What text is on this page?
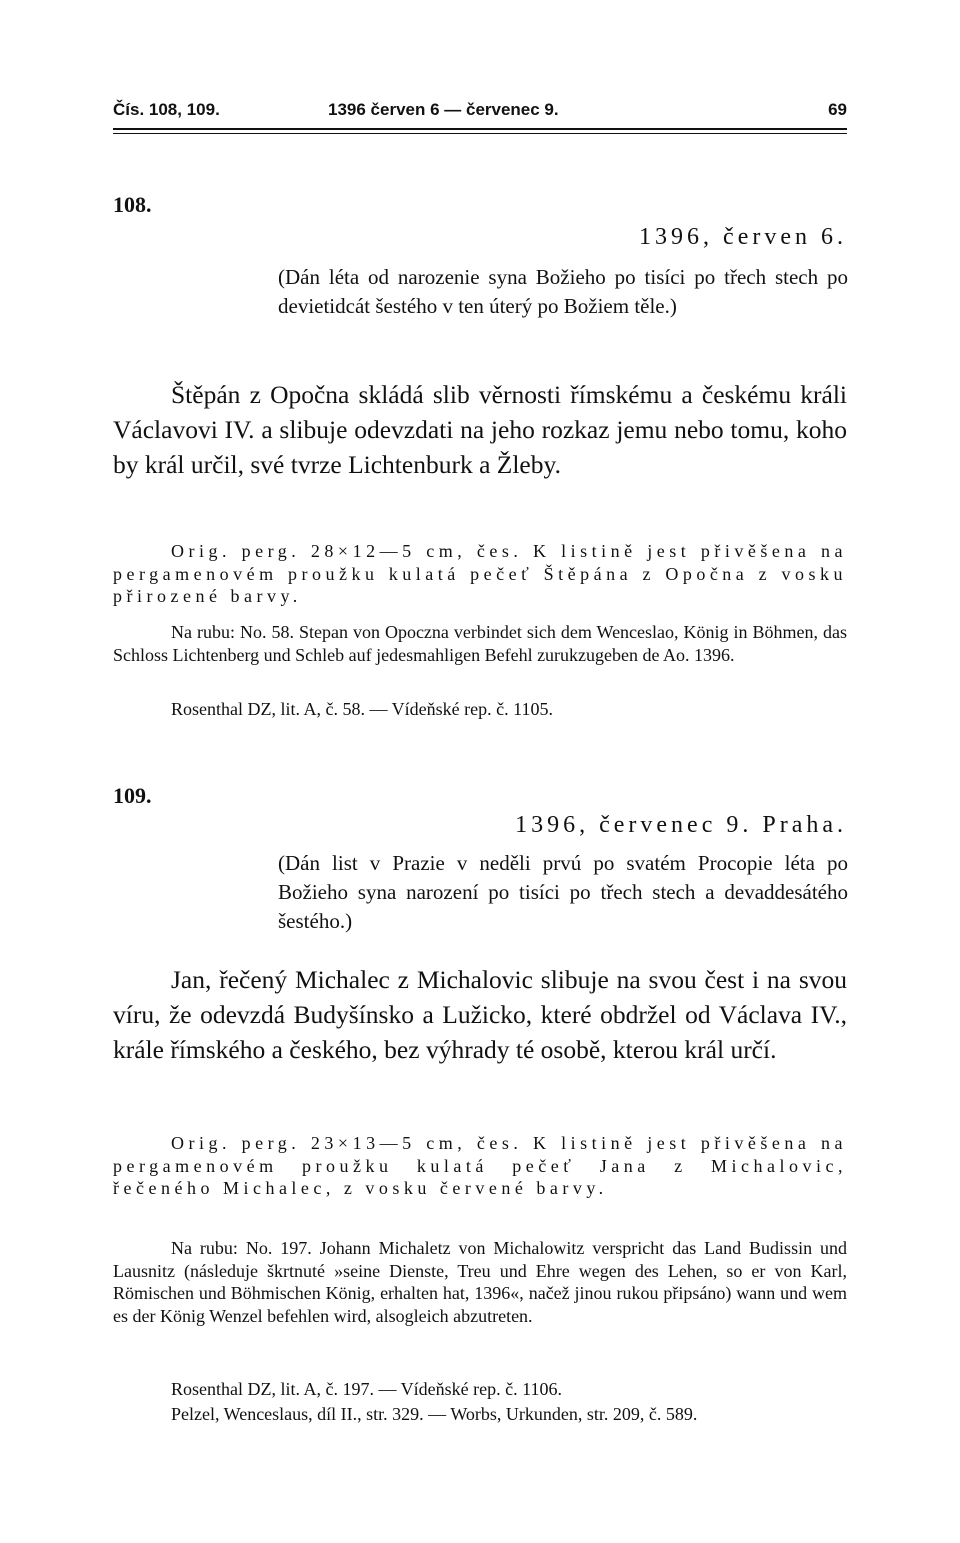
Čís. 108, 109.	1396 červen 6 — červenec 9.	69
108.
1396, červen 6.
(Dán léta od narozenie syna Božieho po tisíci po třech stech po devietidcát šestého v ten úterý po Božiem těle.)
Štěpán z Opočna skládá slib věrnosti římskému a českému králi Václavovi IV. a slibuje odevzdati na jeho rozkaz jemu nebo tomu, koho by král určil, své tvrze Lichtenburk a Žleby.
Orig. perg. 28×12—5 cm, čes. K listině jest přivěšena na pergamenovém proužku kulatá pečeť Štěpána z Opočna z vosku přirozené barvy.
Na rubu: No. 58. Stepan von Opoczna verbindet sich dem Wenceslao, König in Böhmen, das Schloss Lichtenberg und Schleb auf jedesmahligen Befehl zurukzugeben de Ao. 1396.
Rosenthal DZ, lit. A, č. 58. — Vídeňské rep. č. 1105.
109.
1396, červenec 9. Praha.
(Dán list v Prazie v neděli prvú po svatém Procopie léta po Božieho syna narození po tisíci po třech stech a devaddesátého šestého.)
Jan, řečený Michalec z Michalovic slibuje na svou čest i na svou víru, že odevzdá Budyšínsko a Lužicko, které obdržel od Václava IV., krále římského a českého, bez výhrady té osobě, kterou král určí.
Orig. perg. 23×13—5 cm, čes. K listině jest přivěšena na pergamenovém proužku kulatá pečeť Jana z Michalovic, řečeného Michalec, z vosku červené barvy.
Na rubu: No. 197. Johann Michaletz von Michalowitz verspricht das Land Budissin und Lausnitz (následuje škrtnuté »seine Dienste, Treu und Ehre wegen des Lehen, so er von Karl, Römischen und Böhmischen König, erhalten hat, 1396«, načež jinou rukou připsáno) wann und wem es der König Wenzel befehlen wird, alsogleich abzutreten.
Rosenthal DZ, lit. A, č. 197. — Vídeňské rep. č. 1106.
Pelzel, Wenceslaus, díl II., str. 329. — Worbs, Urkunden, str. 209, č. 589.
